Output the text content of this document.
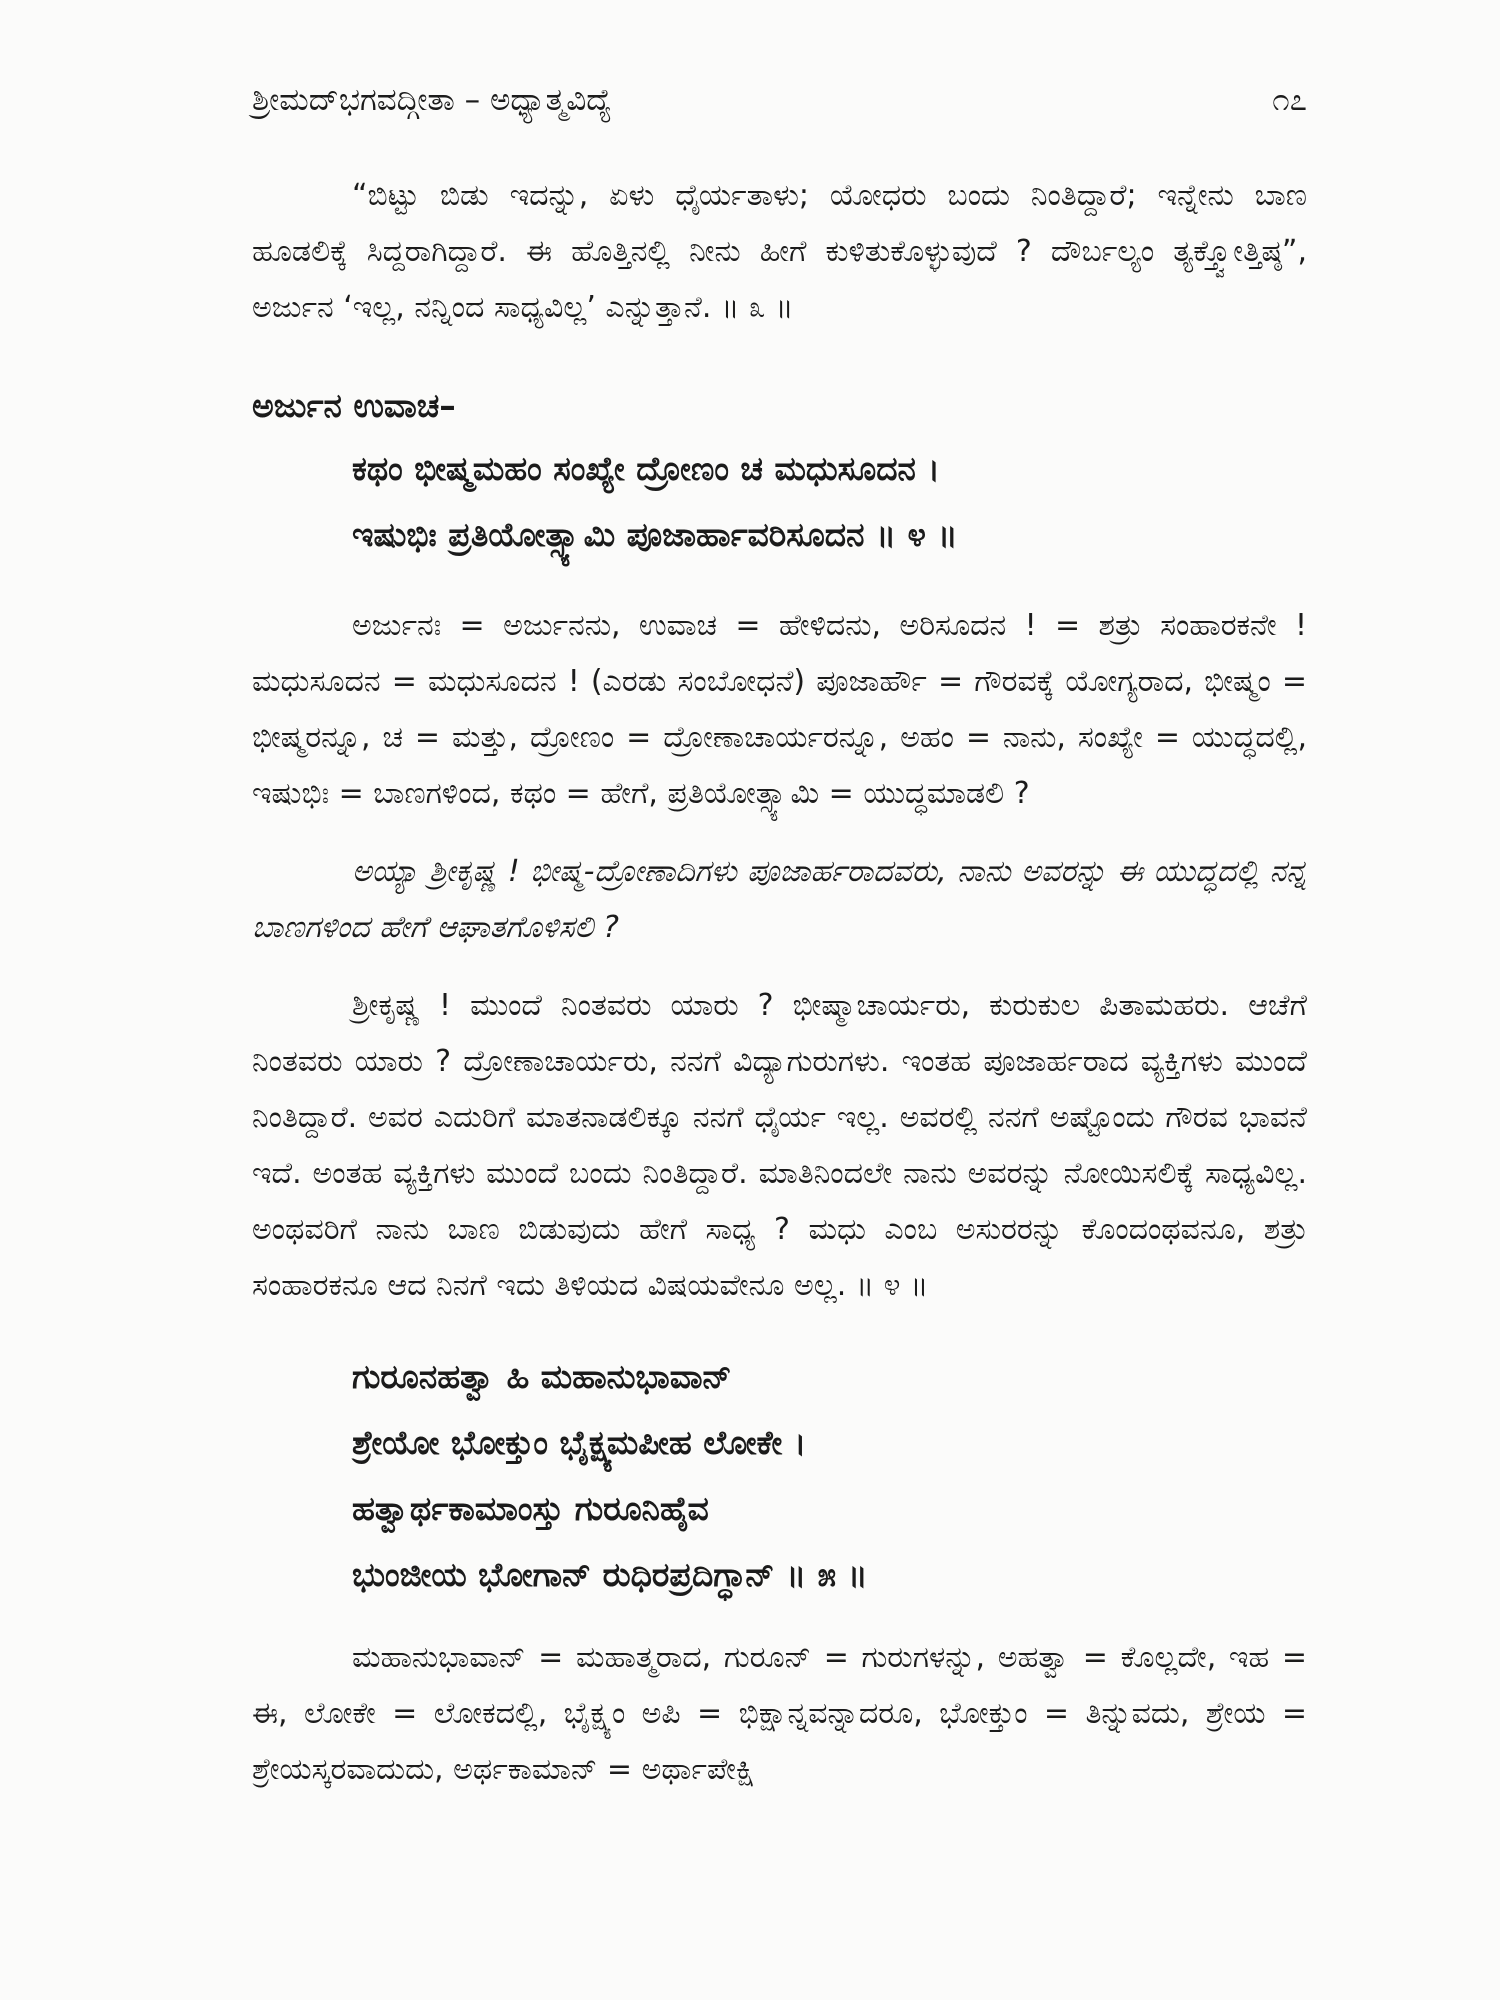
ಶ್ರೀಮದ್‌ಭಗವದ್ಗೀತಾ – ಅಧ್ಯಾತ್ಮವಿದ್ಯೆ	೧೭

“ಬಿಟ್ಟು ಬಿಡು ಇದನ್ನು, ಏಳು ಧೈರ್ಯತಾಳು; ಯೋಧರು ಬಂದು ನಿಂತಿದ್ದಾರೆ; ಇನ್ನೇನು ಬಾಣ ಹೂಡಲಿಕ್ಕೆ ಸಿದ್ದರಾಗಿದ್ದಾರೆ. ಈ ಹೊತ್ತಿನಲ್ಲಿ ನೀನು ಹೀಗೆ ಕುಳಿತುಕೊಳ್ಳುವುದೆ ? ದೌರ್ಬಲ್ಯಂ ತ್ಯಕ್ತ್ವೋತ್ತಿಷ್ಠ”, ಅರ್ಜುನ ‘ಇಲ್ಲ, ನನ್ನಿಂದ ಸಾಧ್ಯವಿಲ್ಲ’ ಎನ್ನುತ್ತಾನೆ. ॥ ೩ ॥

ಅರ್ಜುನ ಉವಾಚ–

ಕಥಂ ಭೀಷ್ಮಮಹಂ ಸಂಖ್ಯೇ ದ್ರೋಣಂ ಚ ಮಧುಸೂದನ ।
ಇಷುಭಿಃ ಪ್ರತಿಯೋತ್ಸ್ಯಾಮಿ ಪೂಜಾರ್ಹಾವರಿಸೂದನ ॥ ೪ ॥

ಅರ್ಜುನಃ = ಅರ್ಜುನನು, ಉವಾಚ = ಹೇಳಿದನು, ಅರಿಸೂದನ ! = ಶತ್ರು ಸಂಹಾರಕನೇ ! ಮಧುಸೂದನ = ಮಧುಸೂದನ ! (ಎರಡು ಸಂಬೋಧನೆ) ಪೂಜಾರ್ಹೌ = ಗೌರವಕ್ಕೆ ಯೋಗ್ಯರಾದ, ಭೀಷ್ಮಂ = ಭೀಷ್ಮರನ್ನೂ, ಚ = ಮತ್ತು, ದ್ರೋಣಂ = ದ್ರೋಣಾಚಾರ್ಯರನ್ನೂ, ಅಹಂ = ನಾನು, ಸಂಖ್ಯೇ = ಯುದ್ಧದಲ್ಲಿ, ಇಷುಭಿಃ = ಬಾಣಗಳಿಂದ, ಕಥಂ = ಹೇಗೆ, ಪ್ರತಿಯೋತ್ಸ್ಯಾಮಿ = ಯುದ್ಧಮಾಡಲಿ ?

ಅಯ್ಯಾ ಶ್ರೀಕೃಷ್ಣ ! ಭೀಷ್ಮ-ದ್ರೋಣಾದಿಗಳು ಪೂಜಾರ್ಹರಾದವರು, ನಾನು ಅವರನ್ನು ಈ ಯುದ್ಧದಲ್ಲಿ ನನ್ನ ಬಾಣಗಳಿಂದ ಹೇಗೆ ಆಘಾತಗೊಳಿಸಲಿ ?

ಶ್ರೀಕೃಷ್ಣ ! ಮುಂದೆ ನಿಂತವರು ಯಾರು ? ಭೀಷ್ಮಾಚಾರ್ಯರು, ಕುರುಕುಲ ಪಿತಾಮಹರು. ಆಚೆಗೆ ನಿಂತವರು ಯಾರು ? ದ್ರೋಣಾಚಾರ್ಯರು, ನನಗೆ ವಿದ್ಯಾಗುರುಗಳು. ಇಂತಹ ಪೂಜಾರ್ಹರಾದ ವ್ಯಕ್ತಿಗಳು ಮುಂದೆ ನಿಂತಿದ್ದಾರೆ. ಅವರ ಎದುರಿಗೆ ಮಾತನಾಡಲಿಕ್ಕೂ ನನಗೆ ಧೈರ್ಯ ಇಲ್ಲ. ಅವರಲ್ಲಿ ನನಗೆ ಅಷ್ಟೊಂದು ಗೌರವ ಭಾವನೆ ಇದೆ. ಅಂತಹ ವ್ಯಕ್ತಿಗಳು ಮುಂದೆ ಬಂದು ನಿಂತಿದ್ದಾರೆ. ಮಾತಿನಿಂದಲೇ ನಾನು ಅವರನ್ನು ನೋಯಿಸಲಿಕ್ಕೆ ಸಾಧ್ಯವಿಲ್ಲ. ಅಂಥವರಿಗೆ ನಾನು ಬಾಣ ಬಿಡುವುದು ಹೇಗೆ ಸಾಧ್ಯ ? ಮಧು ಎಂಬ ಅಸುರರನ್ನು ಕೊಂದಂಥವನೂ, ಶತ್ರು ಸಂಹಾರಕನೂ ಆದ ನಿನಗೆ ಇದು ತಿಳಿಯದ ವಿಷಯವೇನೂ ಅಲ್ಲ. ॥ ೪ ॥

ಗುರೂನಹತ್ವಾ ಹಿ ಮಹಾನುಭಾವಾನ್
ಶ್ರೇಯೋ ಭೋಕ್ತುಂ ಭೈಕ್ಷ್ಯಮಪೀಹ ಲೋಕೇ ।
ಹತ್ವಾರ್ಥಕಾಮಾಂಸ್ತು ಗುರೂನಿಹೈವ
ಭುಂಜೀಯ ಭೋಗಾನ್ ರುಧಿರಪ್ರದಿಗ್ಧಾನ್ ॥ ೫ ॥

ಮಹಾನುಭಾವಾನ್ = ಮಹಾತ್ಮರಾದ, ಗುರೂನ್ = ಗುರುಗಳನ್ನು, ಅಹತ್ವಾ = ಕೊಲ್ಲದೇ, ಇಹ = ಈ, ಲೋಕೇ = ಲೋಕದಲ್ಲಿ, ಭೈಕ್ಷ್ಯಂ ಅಪಿ = ಭಿಕ್ಷಾನ್ನವನ್ನಾದರೂ, ಭೋಕ್ತುಂ = ತಿನ್ನುವದು, ಶ್ರೇಯ = ಶ್ರೇಯಸ್ಕರವಾದುದು, ಅರ್ಥಕಾಮಾನ್ = ಅರ್ಥಾಪೇಕ್ಷಿ
